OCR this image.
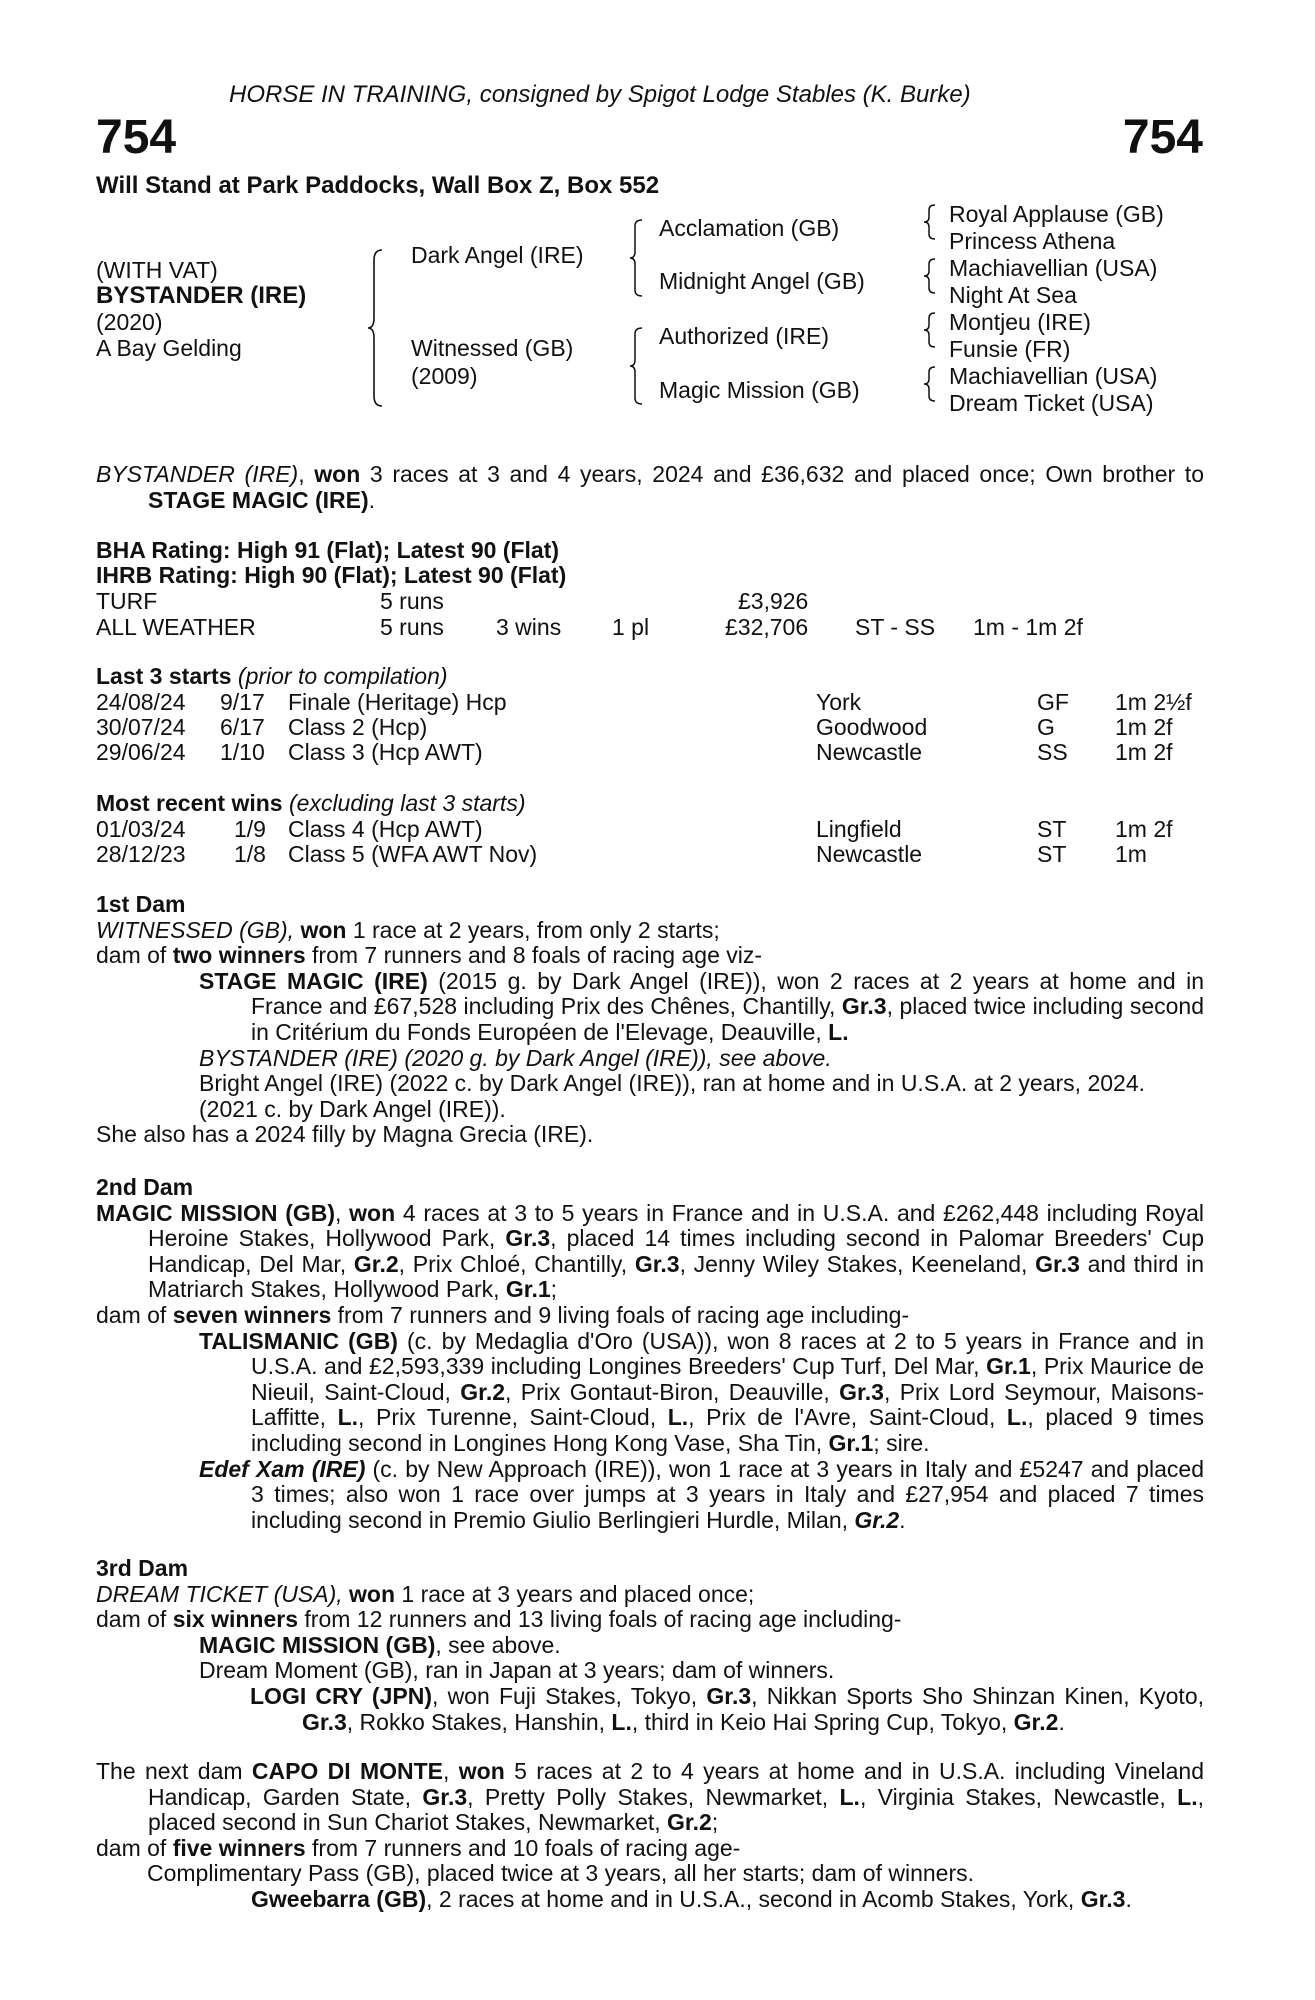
HORSE IN TRAINING, consigned by Spigot Lodge Stables (K. Burke)
754	754
Will Stand at Park Paddocks, Wall Box Z, Box 552
(WITH VAT)
BYSTANDER (IRE)
(2020)
A Bay Gelding
Dark Angel (IRE)
Witnessed (GB)
(2009)
Acclamation (GB)
Midnight Angel (GB)
Authorized (IRE)
Magic Mission (GB)
Royal Applause (GB)
Princess Athena
Machiavellian (USA)
Night At Sea
Montjeu (IRE)
Funsie (FR)
Machiavellian (USA)
Dream Ticket (USA)

BYSTANDER (IRE), won 3 races at 3 and 4 years, 2024 and £36,632 and placed once; Own brother to STAGE MAGIC (IRE).

BHA Rating: High 91 (Flat); Latest 90 (Flat)
IHRB Rating: High 90 (Flat); Latest 90 (Flat)
TURF	5 runs	£3,926
ALL WEATHER	5 runs 3 wins 1 pl	£32,706 ST - SS 1m - 1m 2f
Last 3 starts (prior to compilation)
24/08/24 9/17 Finale (Heritage) Hcp	York	GF 1m 2½f
30/07/24 6/17 Class 2 (Hcp)	Goodwood	G	1m 2f
29/06/24 1/10 Class 3 (Hcp AWT)	Newcastle	SS 1m 2f
Most recent wins (excluding last 3 starts)
01/03/24 1/9 Class 4 (Hcp AWT)	Lingfield	ST 1m 2f
28/12/23 1/8 Class 5 (WFA AWT Nov)	Newcastle	ST 1m

1st Dam

WITNESSED (GB), won 1 race at 2 years, from only 2 starts;

dam of two winners from 7 runners and 8 foals of racing age viz-

STAGE MAGIC (IRE) (2015 g. by Dark Angel (IRE)), won 2 races at 2 years at home and in France and £67,528 including Prix des Chênes, Chantilly, Gr.3, placed twice including second in Critérium du Fonds Européen de l'Elevage, Deauville, L.

BYSTANDER (IRE) (2020 g. by Dark Angel (IRE)), see above.

Bright Angel (IRE) (2022 c. by Dark Angel (IRE)), ran at home and in U.S.A. at 2 years, 2024.

(2021 c. by Dark Angel (IRE)).

She also has a 2024 filly by Magna Grecia (IRE).

2nd Dam

MAGIC MISSION (GB), won 4 races at 3 to 5 years in France and in U.S.A. and £262,448 including Royal Heroine Stakes, Hollywood Park, Gr.3, placed 14 times including second in Palomar Breeders' Cup Handicap, Del Mar, Gr.2, Prix Chloé, Chantilly, Gr.3, Jenny Wiley Stakes, Keeneland, Gr.3 and third in Matriarch Stakes, Hollywood Park, Gr.1;

dam of seven winners from 7 runners and 9 living foals of racing age including-

TALISMANIC (GB) (c. by Medaglia d'Oro (USA)), won 8 races at 2 to 5 years in France and in U.S.A. and £2,593,339 including Longines Breeders' Cup Turf, Del Mar, Gr.1, Prix Maurice de Nieuil, Saint-Cloud, Gr.2, Prix Gontaut-Biron, Deauville, Gr.3, Prix Lord Seymour, Maisons-Laffitte, L., Prix Turenne, Saint-Cloud, L., Prix de l'Avre, Saint-Cloud, L., placed 9 times including second in Longines Hong Kong Vase, Sha Tin, Gr.1; sire.

Edef Xam (IRE) (c. by New Approach (IRE)), won 1 race at 3 years in Italy and £5247 and placed 3 times; also won 1 race over jumps at 3 years in Italy and £27,954 and placed 7 times including second in Premio Giulio Berlingieri Hurdle, Milan, Gr.2.

3rd Dam

DREAM TICKET (USA), won 1 race at 3 years and placed once;

dam of six winners from 12 runners and 13 living foals of racing age including-

MAGIC MISSION (GB), see above.

Dream Moment (GB), ran in Japan at 3 years; dam of winners.

LOGI CRY (JPN), won Fuji Stakes, Tokyo, Gr.3, Nikkan Sports Sho Shinzan Kinen, Kyoto, Gr.3, Rokko Stakes, Hanshin, L., third in Keio Hai Spring Cup, Tokyo, Gr.2.

The next dam CAPO DI MONTE, won 5 races at 2 to 4 years at home and in U.S.A. including Vineland Handicap, Garden State, Gr.3, Pretty Polly Stakes, Newmarket, L., Virginia Stakes, Newcastle, L., placed second in Sun Chariot Stakes, Newmarket, Gr.2;

dam of five winners from 7 runners and 10 foals of racing age-

Complimentary Pass (GB), placed twice at 3 years, all her starts; dam of winners.

Gweebarra (GB), 2 races at home and in U.S.A., second in Acomb Stakes, York, Gr.3.
